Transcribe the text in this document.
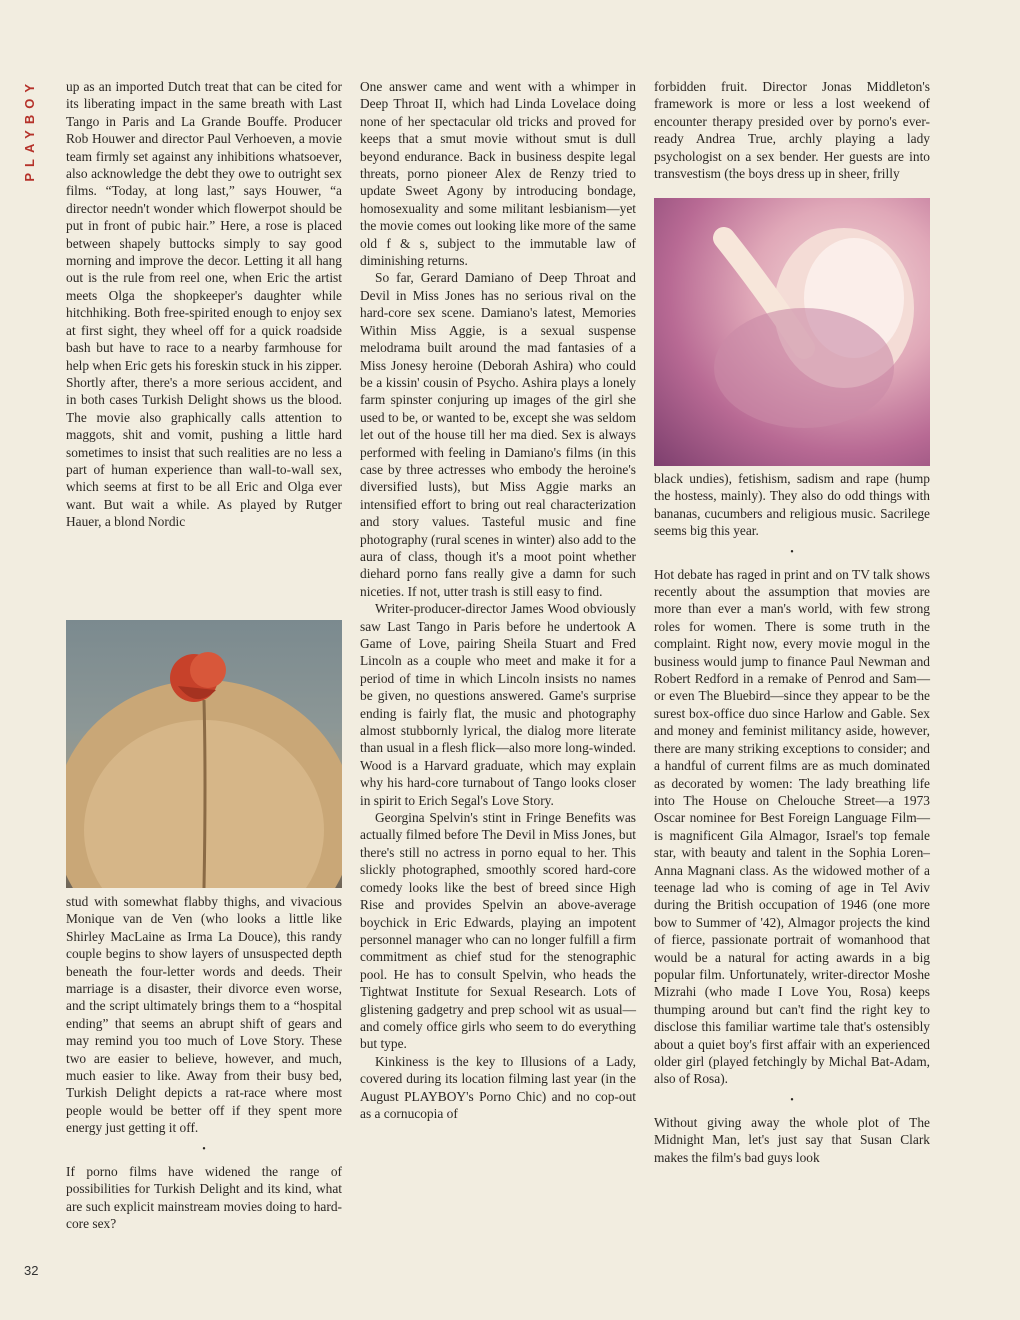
PLAYBOY	up as an imported Dutch treat that can be cited for its liberating impact in the same breath with Last Tango in Paris and La Grande Bouffe. Producer Rob Houwer and director Paul Verhoeven, a movie team firmly set against any inhibitions whatsoever, also acknowledge the debt they owe to outright sex films. “Today, at long last,” says Houwer, “a director needn't wonder which flowerpot should be put in front of pubic hair.” Here, a rose is placed between shapely buttocks simply to say good morning and improve the decor. Letting it all hang out is the rule from reel one, when Eric the artist meets Olga the shopkeeper's daughter while hitchhiking. Both free-spirited enough to enjoy sex at first sight, they wheel off for a quick roadside bash but have to race to a nearby farmhouse for help when Eric gets his foreskin stuck in his zipper. Shortly after, there's a more serious accident, and in both cases Turkish Delight shows us the blood. The movie also graphically calls attention to maggots, shit and vomit, pushing a little hard sometimes to insist that such realities are no less a part of human experience than wall-to-wall sex, which seems at first to be all Eric and Olga ever want. But wait a while. As played by Rutger Hauer, a blond Nordic

stud with somewhat flabby thighs, and vivacious Monique van de Ven (who looks a little like Shirley MacLaine as Irma La Douce), this randy couple begins to show layers of unsuspected depth beneath the four-letter words and deeds. Their marriage is a disaster, their divorce even worse, and the script ultimately brings them to a “hospital ending” that seems an abrupt shift of gears and may remind you too much of Love Story. These two are easier to believe, however, and much, much easier to like. Away from their busy bed, Turkish Delight depicts a rat-race where most people would be better off if they spent more energy just getting it off.

•

If porno films have widened the range of possibilities for Turkish Delight and its kind, what are such explicit mainstream movies doing to hard-core sex?

One answer came and went with a whimper in Deep Throat II, which had Linda Lovelace doing none of her spectacular old tricks and proved for keeps that a smut movie without smut is dull beyond endurance. Back in business despite legal threats, porno pioneer Alex de Renzy tried to update Sweet Agony by introducing bondage, homosexuality and some militant lesbianism—yet the movie comes out looking like more of the same old f & s, subject to the immutable law of diminishing returns.

So far, Gerard Damiano of Deep Throat and Devil in Miss Jones has no serious rival on the hard-core sex scene. Damiano's latest, Memories Within Miss Aggie, is a sexual suspense melodrama built around the mad fantasies of a Miss Jonesy heroine (Deborah Ashira) who could be a kissin' cousin of Psycho. Ashira plays a lonely farm spinster conjuring up images of the girl she used to be, or wanted to be, except she was seldom let out of the house till her ma died. Sex is always performed with feeling in Damiano's films (in this case by three actresses who embody the heroine's diversified lusts), but Miss Aggie marks an intensified effort to bring out real characterization and story values. Tasteful music and fine photography (rural scenes in winter) also add to the aura of class, though it's a moot point whether diehard porno fans really give a damn for such niceties. If not, utter trash is still easy to find.

Writer-producer-director James Wood obviously saw Last Tango in Paris before he undertook A Game of Love, pairing Sheila Stuart and Fred Lincoln as a couple who meet and make it for a period of time in which Lincoln insists no names be given, no questions answered. Game's surprise ending is fairly flat, the music and photography almost stubbornly lyrical, the dialog more literate than usual in a flesh flick—also more long-winded. Wood is a Harvard graduate, which may explain why his hard-core turnabout of Tango looks closer in spirit to Erich Segal's Love Story.

Georgina Spelvin's stint in Fringe Benefits was actually filmed before The Devil in Miss Jones, but there's still no actress in porno equal to her. This slickly photographed, smoothly scored hard-core comedy looks like the best of breed since High Rise and provides Spelvin an above-average boychick in Eric Edwards, playing an impotent personnel manager who can no longer fulfill a firm commitment as chief stud for the stenographic pool. He has to consult Spelvin, who heads the Tightwat Institute for Sexual Research. Lots of glistening gadgetry and prep school wit as usual—and comely office girls who seem to do everything but type.

Kinkiness is the key to Illusions of a Lady, covered during its location filming last year (in the August PLAYBOY's Porno Chic) and no cop-out as a cornucopia of

forbidden fruit. Director Jonas Middleton's framework is more or less a lost weekend of encounter therapy presided over by porno's ever-ready Andrea True, archly playing a lady psychologist on a sex bender. Her guests are into transvestism (the boys dress up in sheer, frilly

black undies), fetishism, sadism and rape (hump the hostess, mainly). They also do odd things with bananas, cucumbers and religious music. Sacrilege seems big this year.

•

Hot debate has raged in print and on TV talk shows recently about the assumption that movies are more than ever a man's world, with few strong roles for women. There is some truth in the complaint. Right now, every movie mogul in the business would jump to finance Paul Newman and Robert Redford in a remake of Penrod and Sam—or even The Bluebird—since they appear to be the surest box-office duo since Harlow and Gable. Sex and money and feminist militancy aside, however, there are many striking exceptions to consider; and a handful of current films are as much dominated as decorated by women: The lady breathing life into The House on Chelouche Street—a 1973 Oscar nominee for Best Foreign Language Film—is magnificent Gila Almagor, Israel's top female star, with beauty and talent in the Sophia Loren–Anna Magnani class. As the widowed mother of a teenage lad who is coming of age in Tel Aviv during the British occupation of 1946 (one more bow to Summer of '42), Almagor projects the kind of fierce, passionate portrait of womanhood that would be a natural for acting awards in a big popular film. Unfortunately, writer-director Moshe Mizrahi (who made I Love You, Rosa) keeps thumping around but can't find the right key to disclose this familiar wartime tale that's ostensibly about a quiet boy's first affair with an experienced older girl (played fetchingly by Michal Bat-Adam, also of Rosa).

•

Without giving away the whole plot of The Midnight Man, let's just say that Susan Clark makes the film's bad guys look

32
